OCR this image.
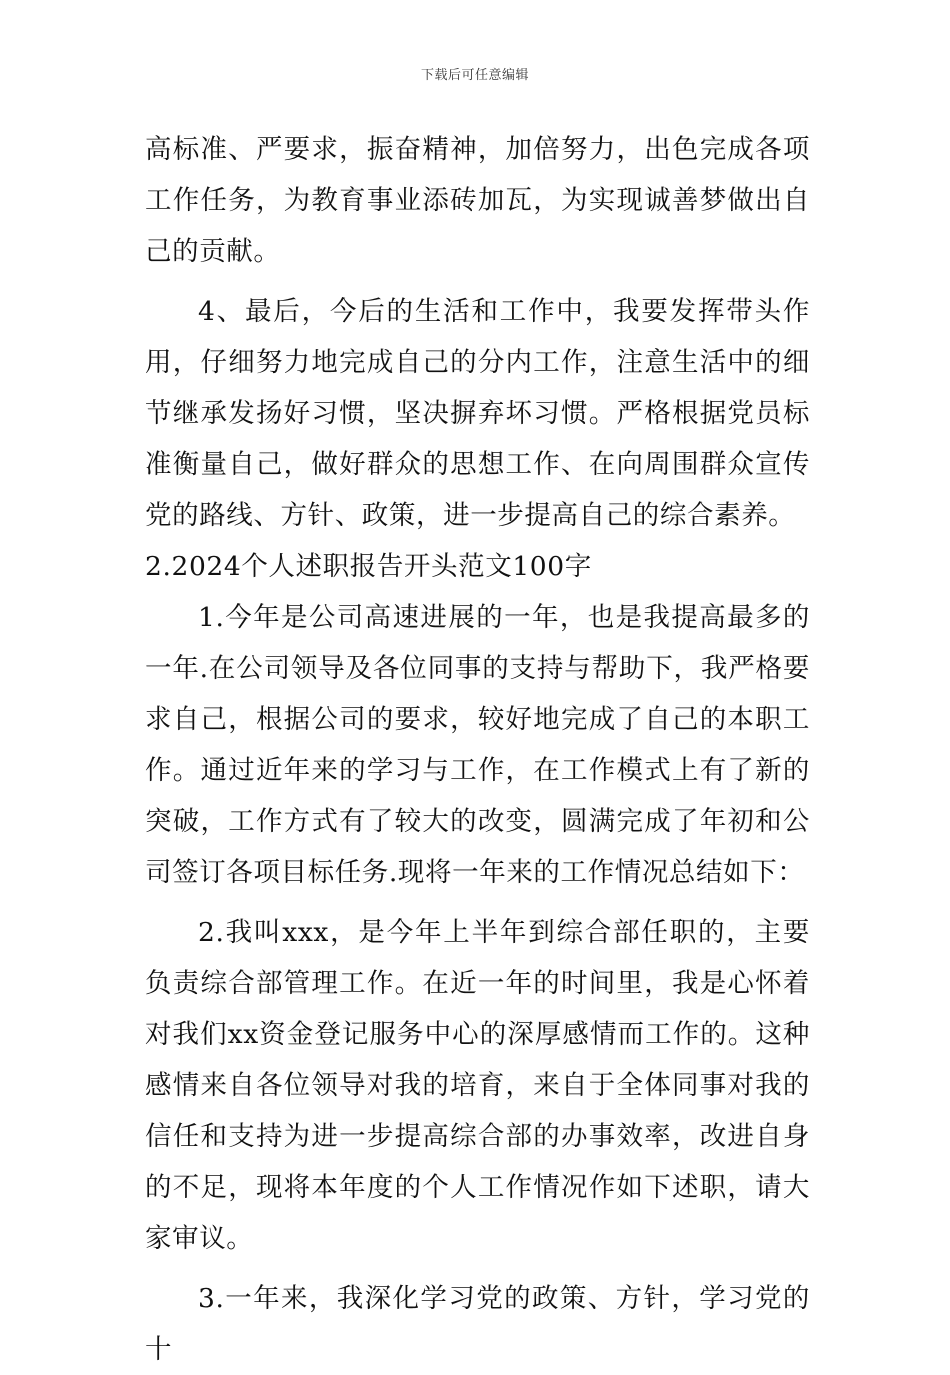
下载后可任意编辑

高标准、严要求，振奋精神，加倍努力，出色完成各项工作任务，为教育事业添砖加瓦，为实现诚善梦做出自己的贡献。

4、最后，今后的生活和工作中，我要发挥带头作用，仔细努力地完成自己的分内工作，注意生活中的细节继承发扬好习惯，坚决摒弃坏习惯。严格根据党员标准衡量自己，做好群众的思想工作、在向周围群众宣传党的路线、方针、政策，进一步提高自己的综合素养。

2.2024个人述职报告开头范文100字

1.今年是公司高速进展的一年，也是我提高最多的一年.在公司领导及各位同事的支持与帮助下，我严格要求自己，根据公司的要求，较好地完成了自己的本职工作。通过近年来的学习与工作，在工作模式上有了新的突破，工作方式有了较大的改变，圆满完成了年初和公司签订各项目标任务.现将一年来的工作情况总结如下：

2.我叫xxx，是今年上半年到综合部任职的，主要负责综合部管理工作。在近一年的时间里，我是心怀着对我们xx资金登记服务中心的深厚感情而工作的。这种感情来自各位领导对我的培育，来自于全体同事对我的信任和支持为进一步提高综合部的办事效率，改进自身的不足，现将本年度的个人工作情况作如下述职，请大家审议。

3.一年来，我深化学习党的政策、方针，学习党的十
